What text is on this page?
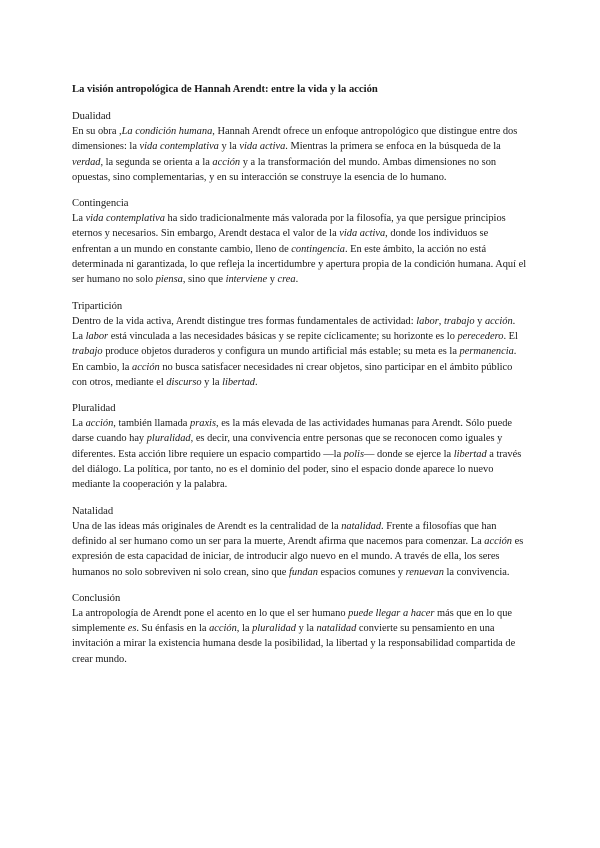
La visión antropológica de Hannah Arendt: entre la vida y la acción
Dualidad

En su obra ,La condición humana, Hannah Arendt ofrece un enfoque antropológico que distingue entre dos dimensiones: la vida contemplativa y la vida activa. Mientras la primera se enfoca en la búsqueda de la verdad, la segunda se orienta a la acción y a la transformación del mundo. Ambas dimensiones no son opuestas, sino complementarias, y en su interacción se construye la esencia de lo humano.

Contingencia

La vida contemplativa ha sido tradicionalmente más valorada por la filosofía, ya que persigue principios eternos y necesarios. Sin embargo, Arendt destaca el valor de la vida activa, donde los individuos se enfrentan a un mundo en constante cambio, lleno de contingencia. En este ámbito, la acción no está determinada ni garantizada, lo que refleja la incertidumbre y apertura propia de la condición humana. Aquí el ser humano no solo piensa, sino que interviene y crea.

Tripartición

Dentro de la vida activa, Arendt distingue tres formas fundamentales de actividad: labor, trabajo y acción. La labor está vinculada a las necesidades básicas y se repite cíclicamente; su horizonte es lo perecedero. El trabajo produce objetos duraderos y configura un mundo artificial más estable; su meta es la permanencia. En cambio, la acción no busca satisfacer necesidades ni crear objetos, sino participar en el ámbito público con otros, mediante el discurso y la libertad.

Pluralidad

La acción, también llamada praxis, es la más elevada de las actividades humanas para Arendt. Sólo puede darse cuando hay pluralidad, es decir, una convivencia entre personas que se reconocen como iguales y diferentes. Esta acción libre requiere un espacio compartido —la polis— donde se ejerce la libertad a través del diálogo. La política, por tanto, no es el dominio del poder, sino el espacio donde aparece lo nuevo mediante la cooperación y la palabra.

Natalidad

Una de las ideas más originales de Arendt es la centralidad de la natalidad. Frente a filosofías que han definido al ser humano como un ser para la muerte, Arendt afirma que nacemos para comenzar. La acción es expresión de esta capacidad de iniciar, de introducir algo nuevo en el mundo. A través de ella, los seres humanos no solo sobreviven ni solo crean, sino que fundan espacios comunes y renuevan la convivencia.

Conclusión

La antropología de Arendt pone el acento en lo que el ser humano puede llegar a hacer más que en lo que simplemente es. Su énfasis en la acción, la pluralidad y la natalidad convierte su pensamiento en una invitación a mirar la existencia humana desde la posibilidad, la libertad y la responsabilidad compartida de crear mundo.
